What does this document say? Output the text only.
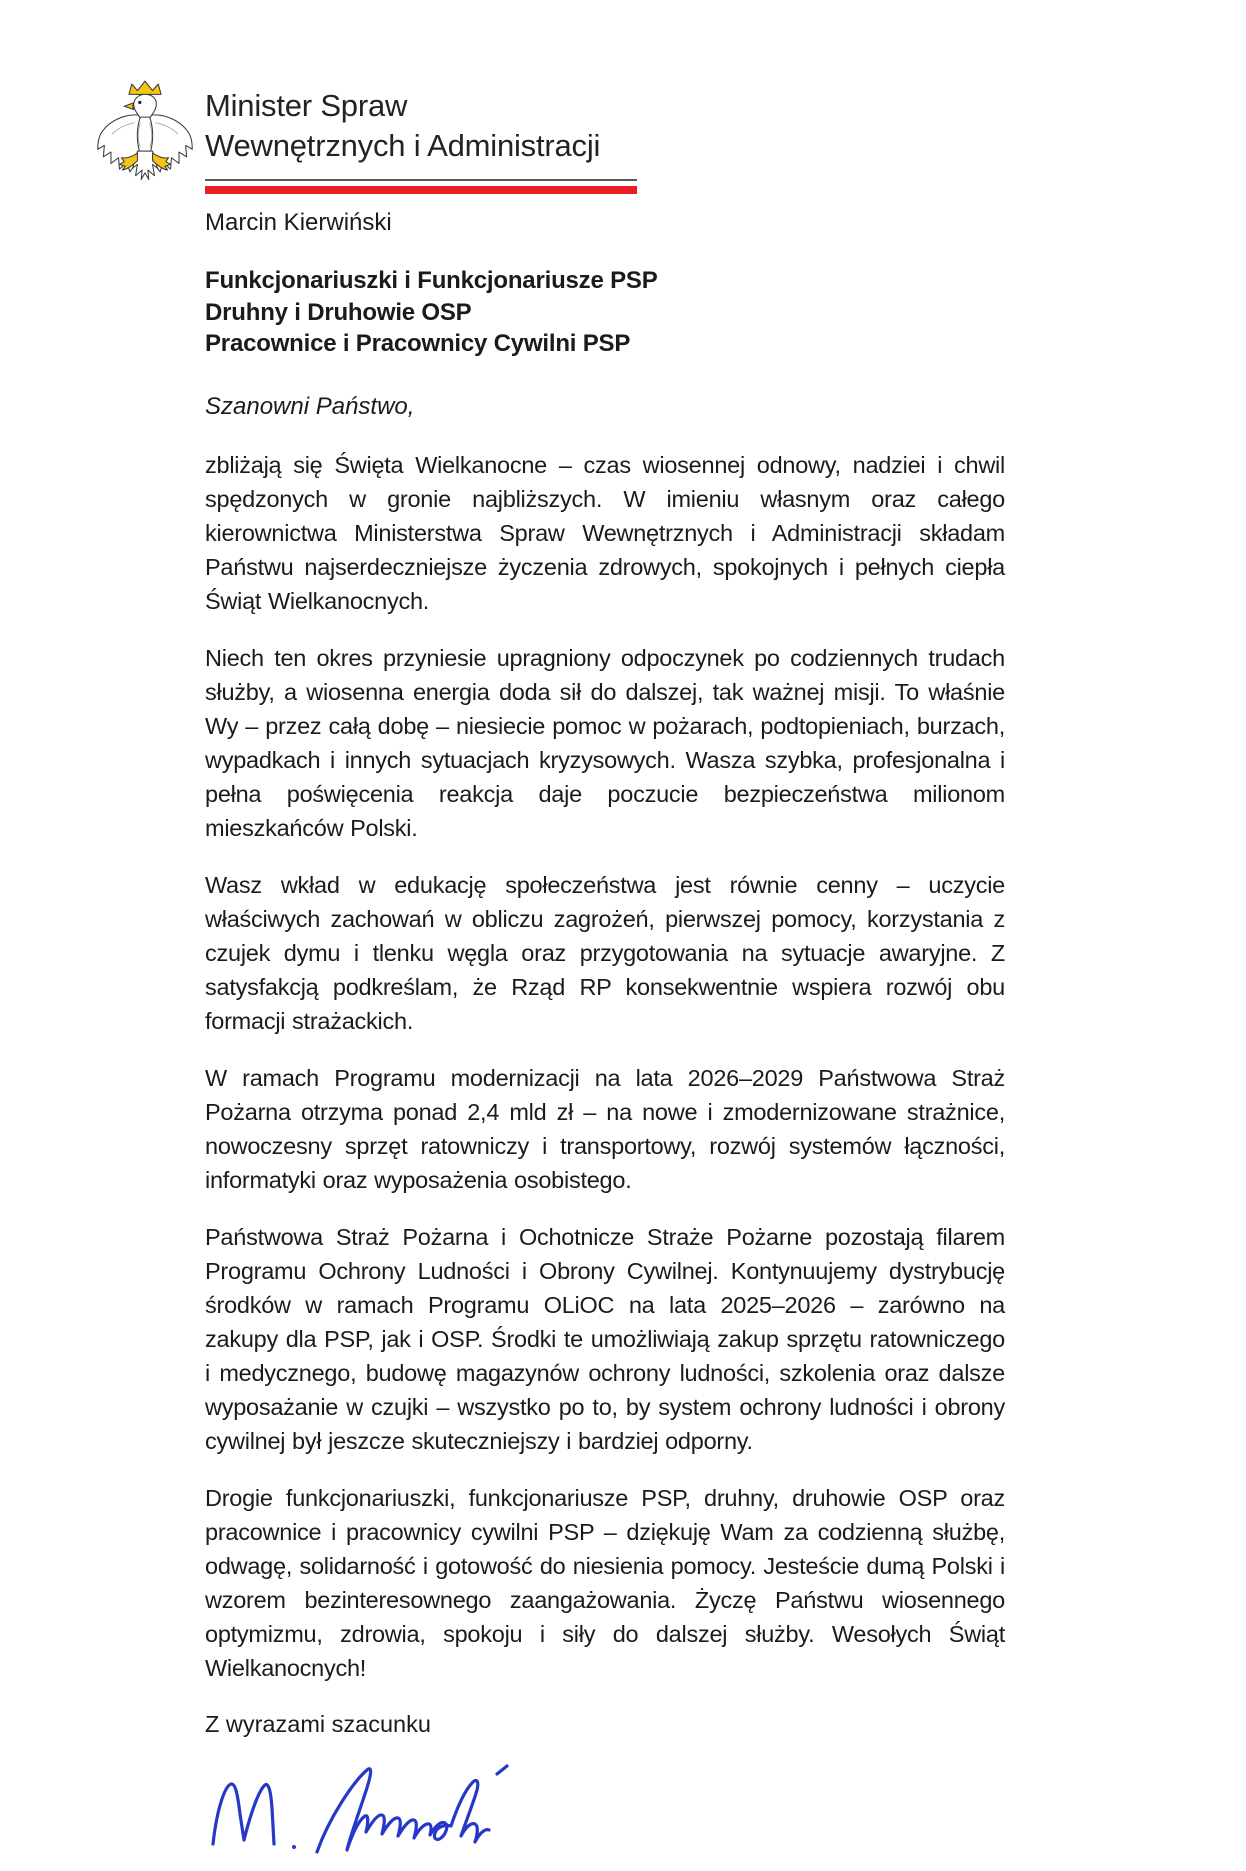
Minister Spraw
Wewnętrznych i Administracji
Marcin Kierwiński
Funkcjonariuszki i Funkcjonariusze PSP
Druhny i Druhowie OSP
Pracownice i Pracownicy Cywilni PSP
Szanowni Państwo,

zbliżają się Święta Wielkanocne – czas wiosennej odnowy, nadziei i chwil spędzonych w gronie najbliższych. W imieniu własnym oraz całego kierownictwa Ministerstwa Spraw Wewnętrznych i Administracji składam Państwu najserdeczniejsze życzenia zdrowych, spokojnych i pełnych ciepła Świąt Wielkanocnych.

Niech ten okres przyniesie upragniony odpoczynek po codziennych trudach służby, a wiosenna energia doda sił do dalszej, tak ważnej misji. To właśnie Wy – przez całą dobę – niesiecie pomoc w pożarach, podtopieniach, burzach, wypadkach i innych sytuacjach kryzysowych. Wasza szybka, profesjonalna i pełna poświęcenia reakcja daje poczucie bezpieczeństwa milionom mieszkańców Polski.

Wasz wkład w edukację społeczeństwa jest równie cenny – uczycie właściwych zachowań w obliczu zagrożeń, pierwszej pomocy, korzystania z czujek dymu i tlenku węgla oraz przygotowania na sytuacje awaryjne. Z satysfakcją podkreślam, że Rząd RP konsekwentnie wspiera rozwój obu formacji strażackich.

W ramach Programu modernizacji na lata 2026–2029 Państwowa Straż Pożarna otrzyma ponad 2,4 mld zł – na nowe i zmodernizowane strażnice, nowoczesny sprzęt ratowniczy i transportowy, rozwój systemów łączności, informatyki oraz wyposażenia osobistego.

Państwowa Straż Pożarna i Ochotnicze Straże Pożarne pozostają filarem Programu Ochrony Ludności i Obrony Cywilnej. Kontynuujemy dystrybucję środków w ramach Programu OLiOC na lata 2025–2026 – zarówno na zakupy dla PSP, jak i OSP. Środki te umożliwiają zakup sprzętu ratowniczego i medycznego, budowę magazynów ochrony ludności, szkolenia oraz dalsze wyposażanie w czujki – wszystko po to, by system ochrony ludności i obrony cywilnej był jeszcze skuteczniejszy i bardziej odporny.

Drogie funkcjonariuszki, funkcjonariusze PSP, druhny, druhowie OSP oraz pracownice i pracownicy cywilni PSP – dziękuję Wam za codzienną służbę, odwagę, solidarność i gotowość do niesienia pomocy. Jesteście dumą Polski i wzorem bezinteresownego zaangażowania. Życzę Państwu wiosennego optymizmu, zdrowia, spokoju i siły do dalszej służby. Wesołych Świąt Wielkanocnych!

Z wyrazami szacunku
